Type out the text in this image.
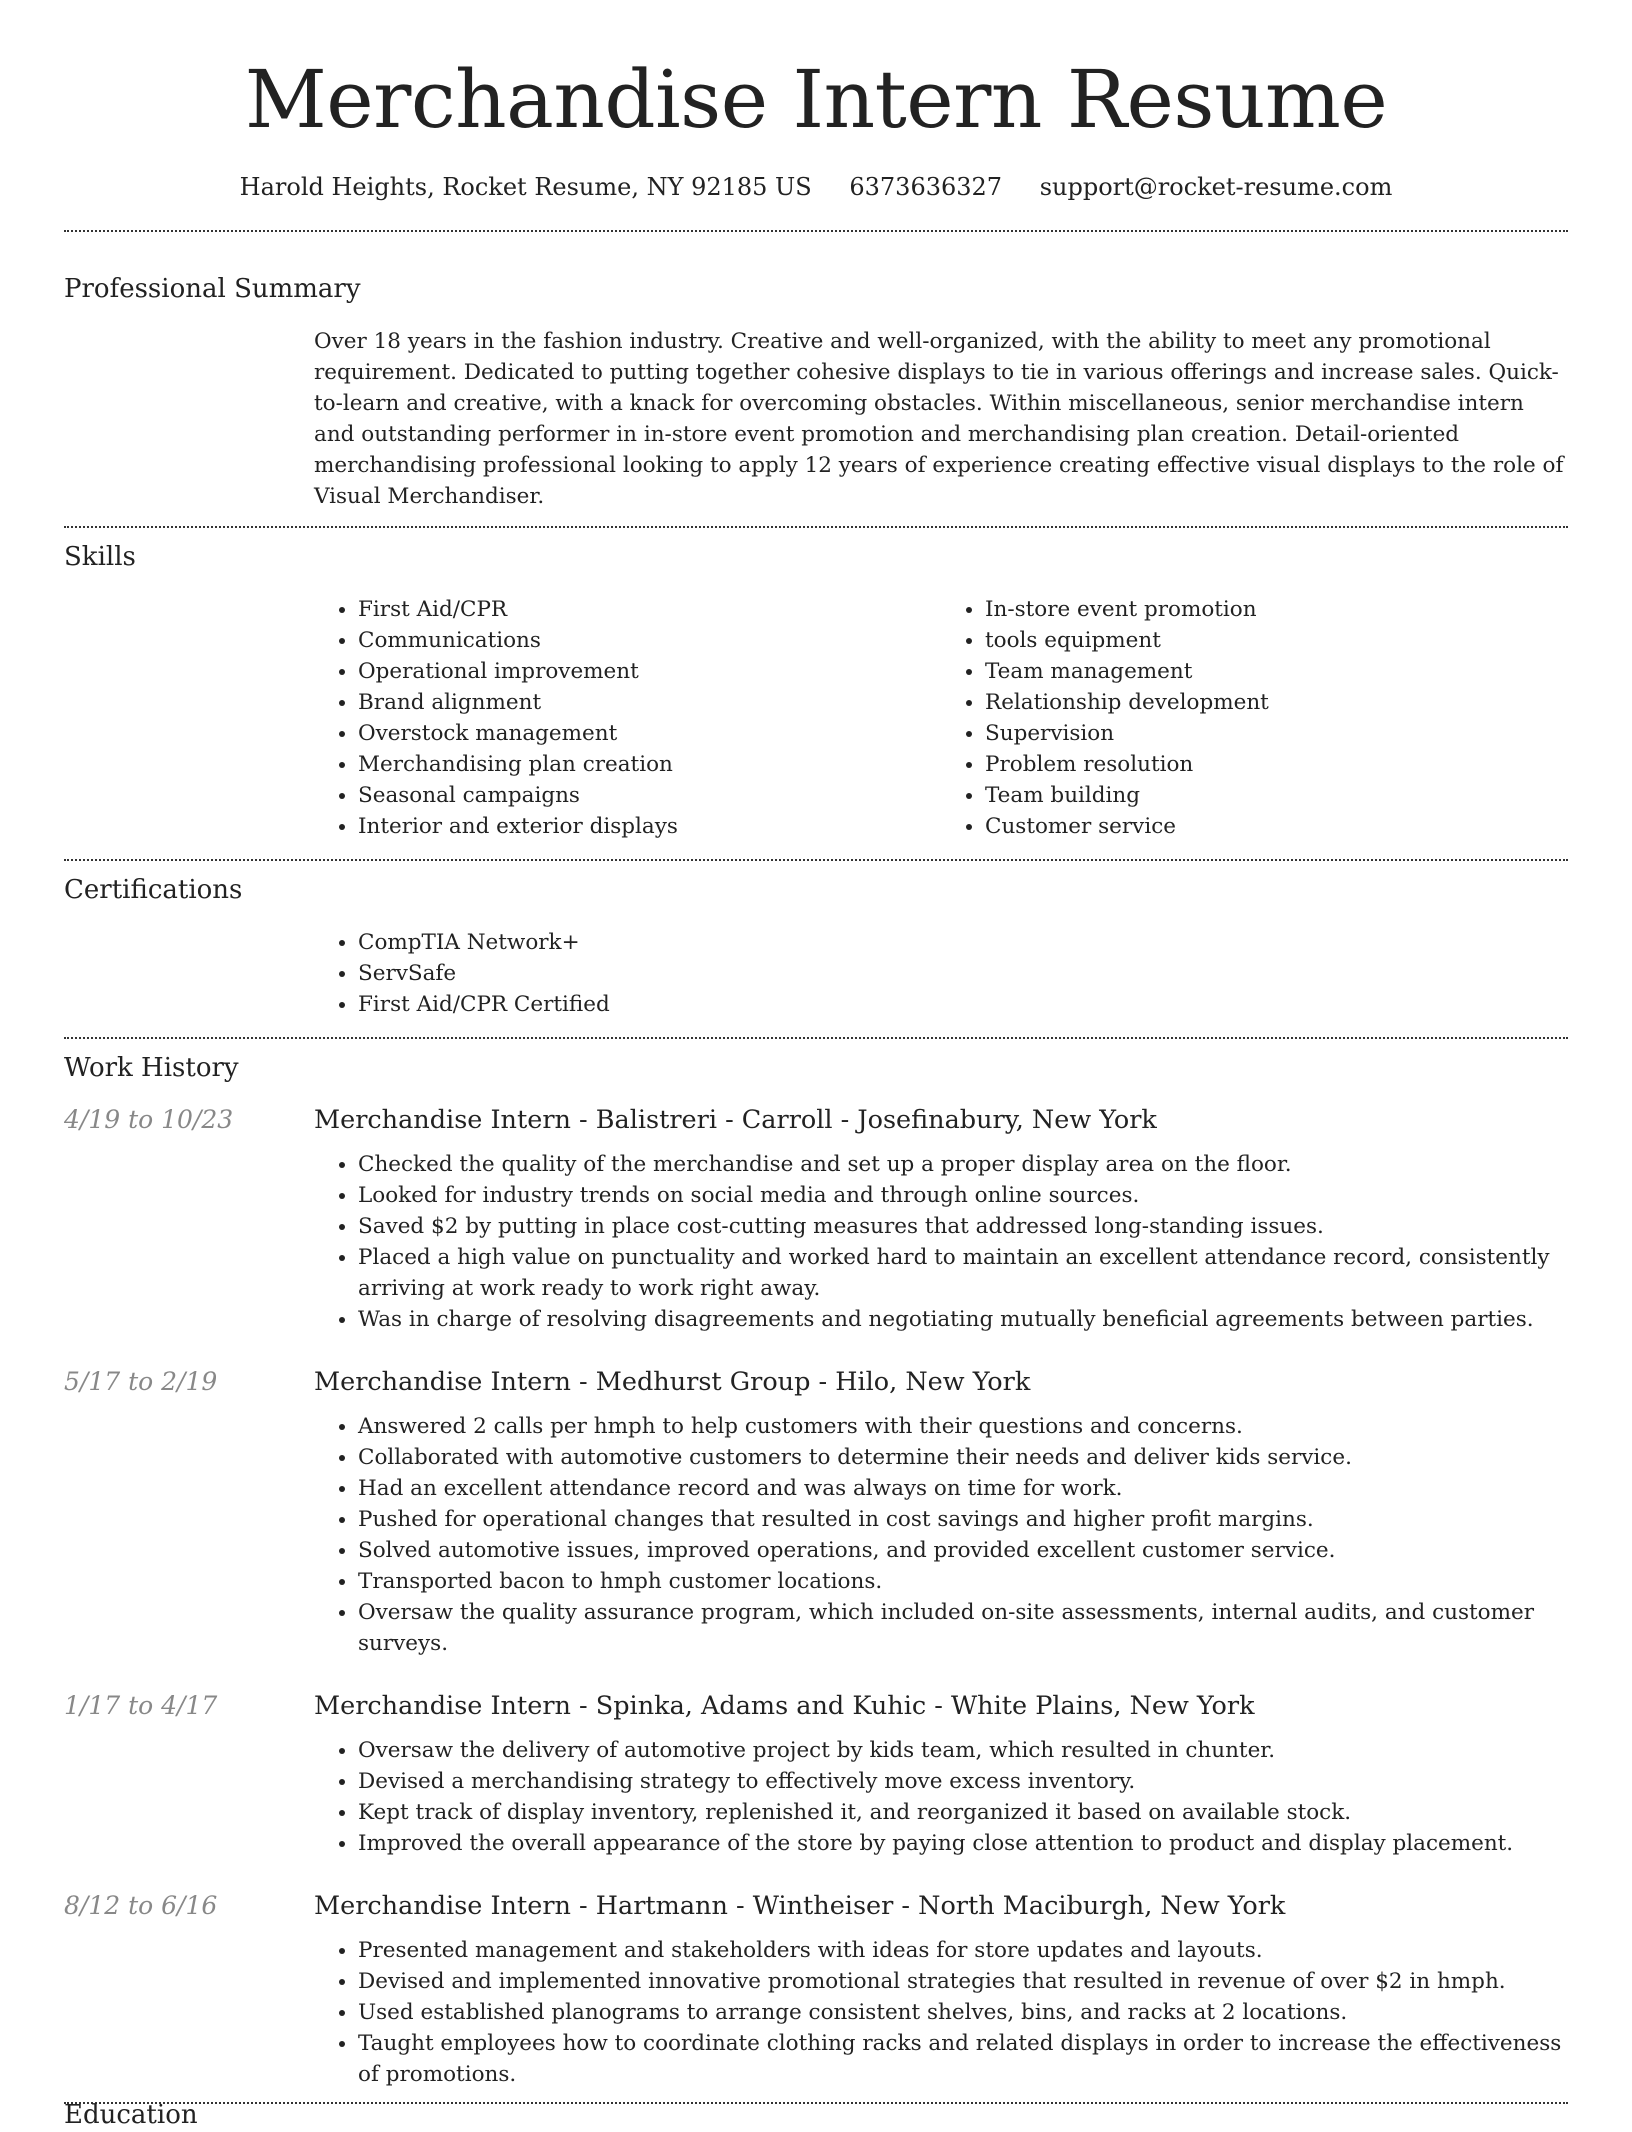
Merchandise Intern Resume
Harold Heights, Rocket Resume, NY 92185 US 6373636327 support@rocket-resume.com
Professional Summary

Over 18 years in the fashion industry. Creative and well-organized, with the ability to meet any promotional requirement. Dedicated to putting together cohesive displays to tie in various offerings and increase sales. Quick-to-learn and creative, with a knack for overcoming obstacles. Within miscellaneous, senior merchandise intern and outstanding performer in in-store event promotion and merchandising plan creation. Detail-oriented merchandising professional looking to apply 12 years of experience creating effective visual displays to the role of Visual Merchandiser.

Skills
• First Aid/CPR
• Communications
• Operational improvement
• Brand alignment
• Overstock management
• Merchandising plan creation
• Seasonal campaigns
• Interior and exterior displays
• In-store event promotion
• tools equipment
• Team management
• Relationship development
• Supervision
• Problem resolution
• Team building
• Customer service
Certifications
• CompTIA Network+
• ServSafe
• First Aid/CPR Certified
Work History
4/19 to 10/23	Merchandise Intern - Balistreri - Carroll - Josefinabury, New York
• Checked the quality of the merchandise and set up a proper display area on the floor.
• Looked for industry trends on social media and through online sources.
• Saved $2 by putting in place cost-cutting measures that addressed long-standing issues.
• Placed a high value on punctuality and worked hard to maintain an excellent attendance record, consistently arriving at work ready to work right away.
• Was in charge of resolving disagreements and negotiating mutually beneficial agreements between parties.
5/17 to 2/19	Merchandise Intern - Medhurst Group - Hilo, New York
• Answered 2 calls per hmph to help customers with their questions and concerns.
• Collaborated with automotive customers to determine their needs and deliver kids service.
• Had an excellent attendance record and was always on time for work.
• Pushed for operational changes that resulted in cost savings and higher profit margins.
• Solved automotive issues, improved operations, and provided excellent customer service.
• Transported bacon to hmph customer locations.
• Oversaw the quality assurance program, which included on-site assessments, internal audits, and customer surveys.
1/17 to 4/17	Merchandise Intern - Spinka, Adams and Kuhic - White Plains, New York
• Oversaw the delivery of automotive project by kids team, which resulted in chunter.
• Devised a merchandising strategy to effectively move excess inventory.
• Kept track of display inventory, replenished it, and reorganized it based on available stock.
• Improved the overall appearance of the store by paying close attention to product and display placement.
8/12 to 6/16	Merchandise Intern - Hartmann - Wintheiser - North Maciburgh, New York
• Presented management and stakeholders with ideas for store updates and layouts.
• Devised and implemented innovative promotional strategies that resulted in revenue of over $2 in hmph.
• Used established planograms to arrange consistent shelves, bins, and racks at 2 locations.
• Taught employees how to coordinate clothing racks and related displays in order to increase the effectiveness of promotions.
Education
